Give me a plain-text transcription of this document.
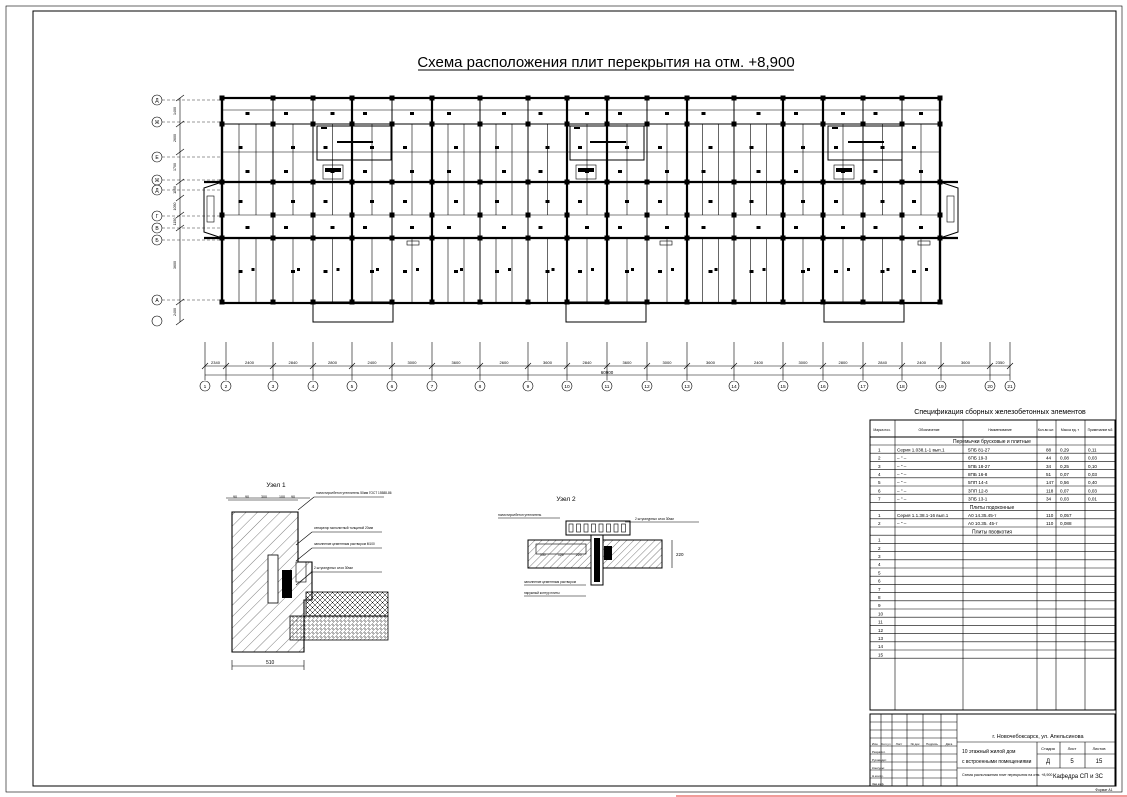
Схема расположения плит перекрытия на отм. +8,900
Д
Ж
Е
Ж
Д
Г
В
Б
А
1400
2600
1700
1150
1050
1150
3600
2400
2340	2400	2840	2800	2400	3000	3600	2600	3600	2840	3600	3000	3600	2400	3000	2800	2840	2400	3600	2350
60900
1	2	3	4	5	6	7	8	9	10	11	12	13	14	15	16	17	18	19	20	21
Узел 1
90 90	300	100 90
510
полистиролбетон утеплитель 50мм ГОСТ 15588-86
сепаратор монолитный толщиной 20мм
заполнение цементным раствором М100
2 штукатурных слоя 30мм
Узел 2
220
полистиролбетон утеплитель
2 штукатурных слоя 30мм
заполнение цементным раствором
наружный контур плиты
130	120	220
Спецификация сборных железобетонных элементов
Марка поз.	Обозначение	Наименование	Кол-во шт. Масса ед. т	Примечание м3
Перемычки брусковые и плитные
1	Серия 1.038.1-1 вып.1	5ПБ 81-27	88 0,29	0,11
2	– " –	6ПБ 19-3	44 0,08	0,03
3	– " –	5ПБ 18-27	34 0,25	0,10
4	– " –	8ПБ 16-8	51 0,07	0,03
5	– " –	5ПП 14-4	147 0,56	0,40
6	– " –	3ПП 12-8	118 0,07	0,03
7	– " –	3ПБ 13-1	34 0,03	0,01
Плиты подоконные
1	Серия 1.1.38.1-16 вып.1	А0 14.35.45-т	110 0,057
2	– " –	А0 10.35. 45-т	110 0,088
Плиты пвовкотия
1
2
3
4
5
6
7
8
9
10
11
12
13
14
15
г. Новочебоксарск, ул. Апельсинова
10 этажный жилой дом
с встроенными помещениями
Схема расположения плит перекрытия на отм. +8,900
Стадия	Лист	Листов
Д	5	15
Кафедра СП и ЗС
Формат А1
Изм. Кол.уч Лист	№ док Подпись	Дата
Разработ.
Руководит.
Консульт.
Н.контр.
Зав.каф.
